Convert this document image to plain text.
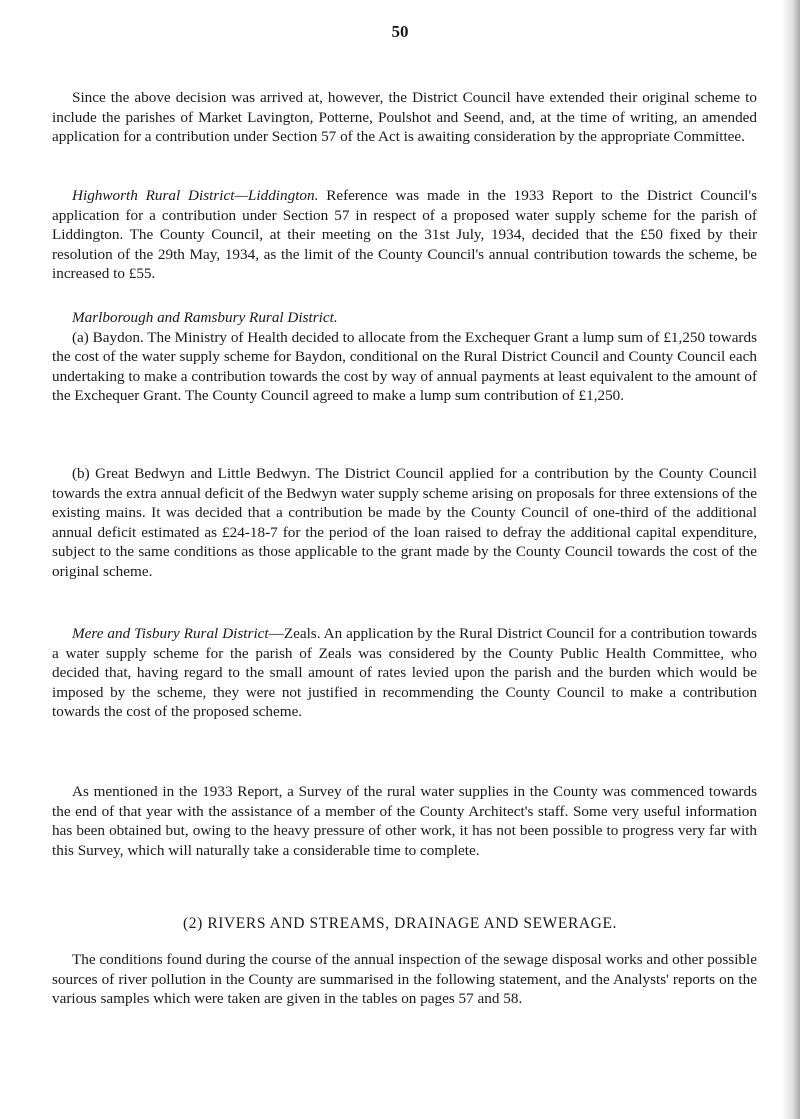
50

Since the above decision was arrived at, however, the District Council have extended their original scheme to include the parishes of Market Lavington, Potterne, Poulshot and Seend, and, at the time of writing, an amended application for a contribution under Section 57 of the Act is awaiting consideration by the appropriate Committee.

Highworth Rural District—Liddington. Reference was made in the 1933 Report to the District Council's application for a contribution under Section 57 in respect of a proposed water supply scheme for the parish of Liddington. The County Council, at their meeting on the 31st July, 1934, decided that the £50 fixed by their resolution of the 29th May, 1934, as the limit of the County Council's annual contribution towards the scheme, be increased to £55.

Marlborough and Ramsbury Rural District.

(a) Baydon. The Ministry of Health decided to allocate from the Exchequer Grant a lump sum of £1,250 towards the cost of the water supply scheme for Baydon, conditional on the Rural District Council and County Council each undertaking to make a contribution towards the cost by way of annual payments at least equivalent to the amount of the Exchequer Grant. The County Council agreed to make a lump sum contribution of £1,250.

(b) Great Bedwyn and Little Bedwyn. The District Council applied for a contribution by the County Council towards the extra annual deficit of the Bedwyn water supply scheme arising on proposals for three extensions of the existing mains. It was decided that a contribution be made by the County Council of one-third of the additional annual deficit estimated as £24-18-7 for the period of the loan raised to defray the additional capital expenditure, subject to the same conditions as those applicable to the grant made by the County Council towards the cost of the original scheme.

Mere and Tisbury Rural District—Zeals. An application by the Rural District Council for a contribution towards a water supply scheme for the parish of Zeals was considered by the County Public Health Committee, who decided that, having regard to the small amount of rates levied upon the parish and the burden which would be imposed by the scheme, they were not justified in recommending the County Council to make a contribution towards the cost of the proposed scheme.

As mentioned in the 1933 Report, a Survey of the rural water supplies in the County was commenced towards the end of that year with the assistance of a member of the County Architect's staff. Some very useful information has been obtained but, owing to the heavy pressure of other work, it has not been possible to progress very far with this Survey, which will naturally take a considerable time to complete.

(2) RIVERS AND STREAMS, DRAINAGE AND SEWERAGE.

The conditions found during the course of the annual inspection of the sewage disposal works and other possible sources of river pollution in the County are summarised in the following statement, and the Analysts' reports on the various samples which were taken are given in the tables on pages 57 and 58.
